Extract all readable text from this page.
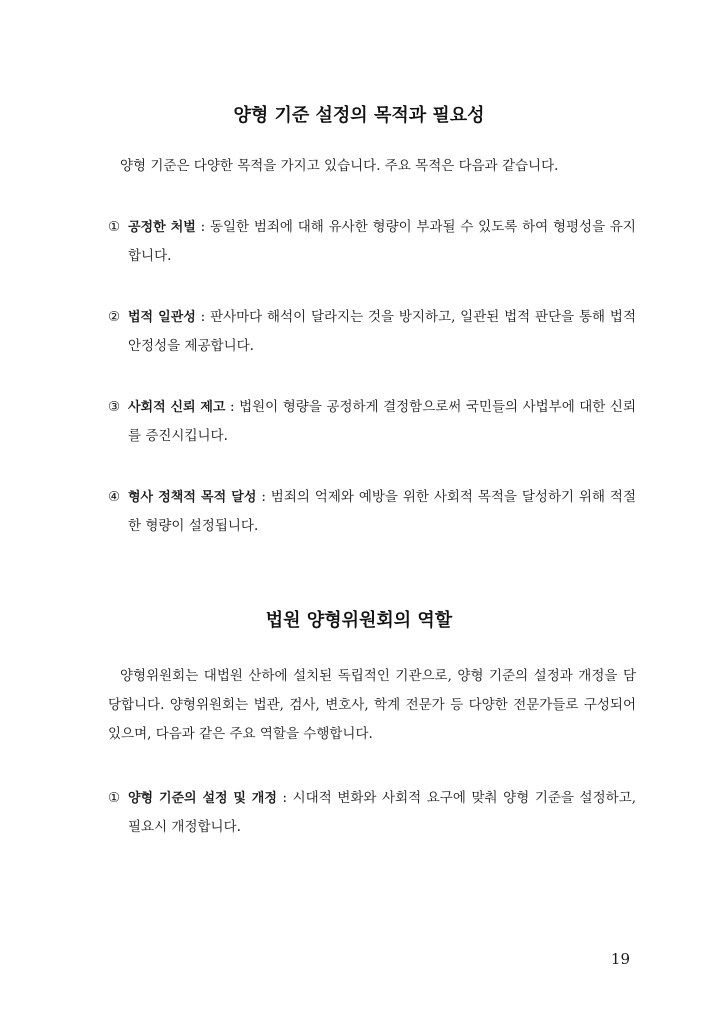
양형 기준 설정의 목적과 필요성

양형 기준은 다양한 목적을 가지고 있습니다. 주요 목적은 다음과 같습니다.

① 공정한 처벌 : 동일한 범죄에 대해 유사한 형량이 부과될 수 있도록 하여 형평성을 유지합니다.

② 법적 일관성 : 판사마다 해석이 달라지는 것을 방지하고, 일관된 법적 판단을 통해 법적 안정성을 제공합니다.

③ 사회적 신뢰 제고 : 법원이 형량을 공정하게 결정함으로써 국민들의 사법부에 대한 신뢰를 증진시킵니다.

④ 형사 정책적 목적 달성 : 범죄의 억제와 예방을 위한 사회적 목적을 달성하기 위해 적절한 형량이 설정됩니다.

법원 양형위원회의 역할

양형위원회는 대법원 산하에 설치된 독립적인 기관으로, 양형 기준의 설정과 개정을 담당합니다. 양형위원회는 법관, 검사, 변호사, 학계 전문가 등 다양한 전문가들로 구성되어 있으며, 다음과 같은 주요 역할을 수행합니다.

① 양형 기준의 설정 및 개정 : 시대적 변화와 사회적 요구에 맞춰 양형 기준을 설정하고, 필요시 개정합니다.

19
